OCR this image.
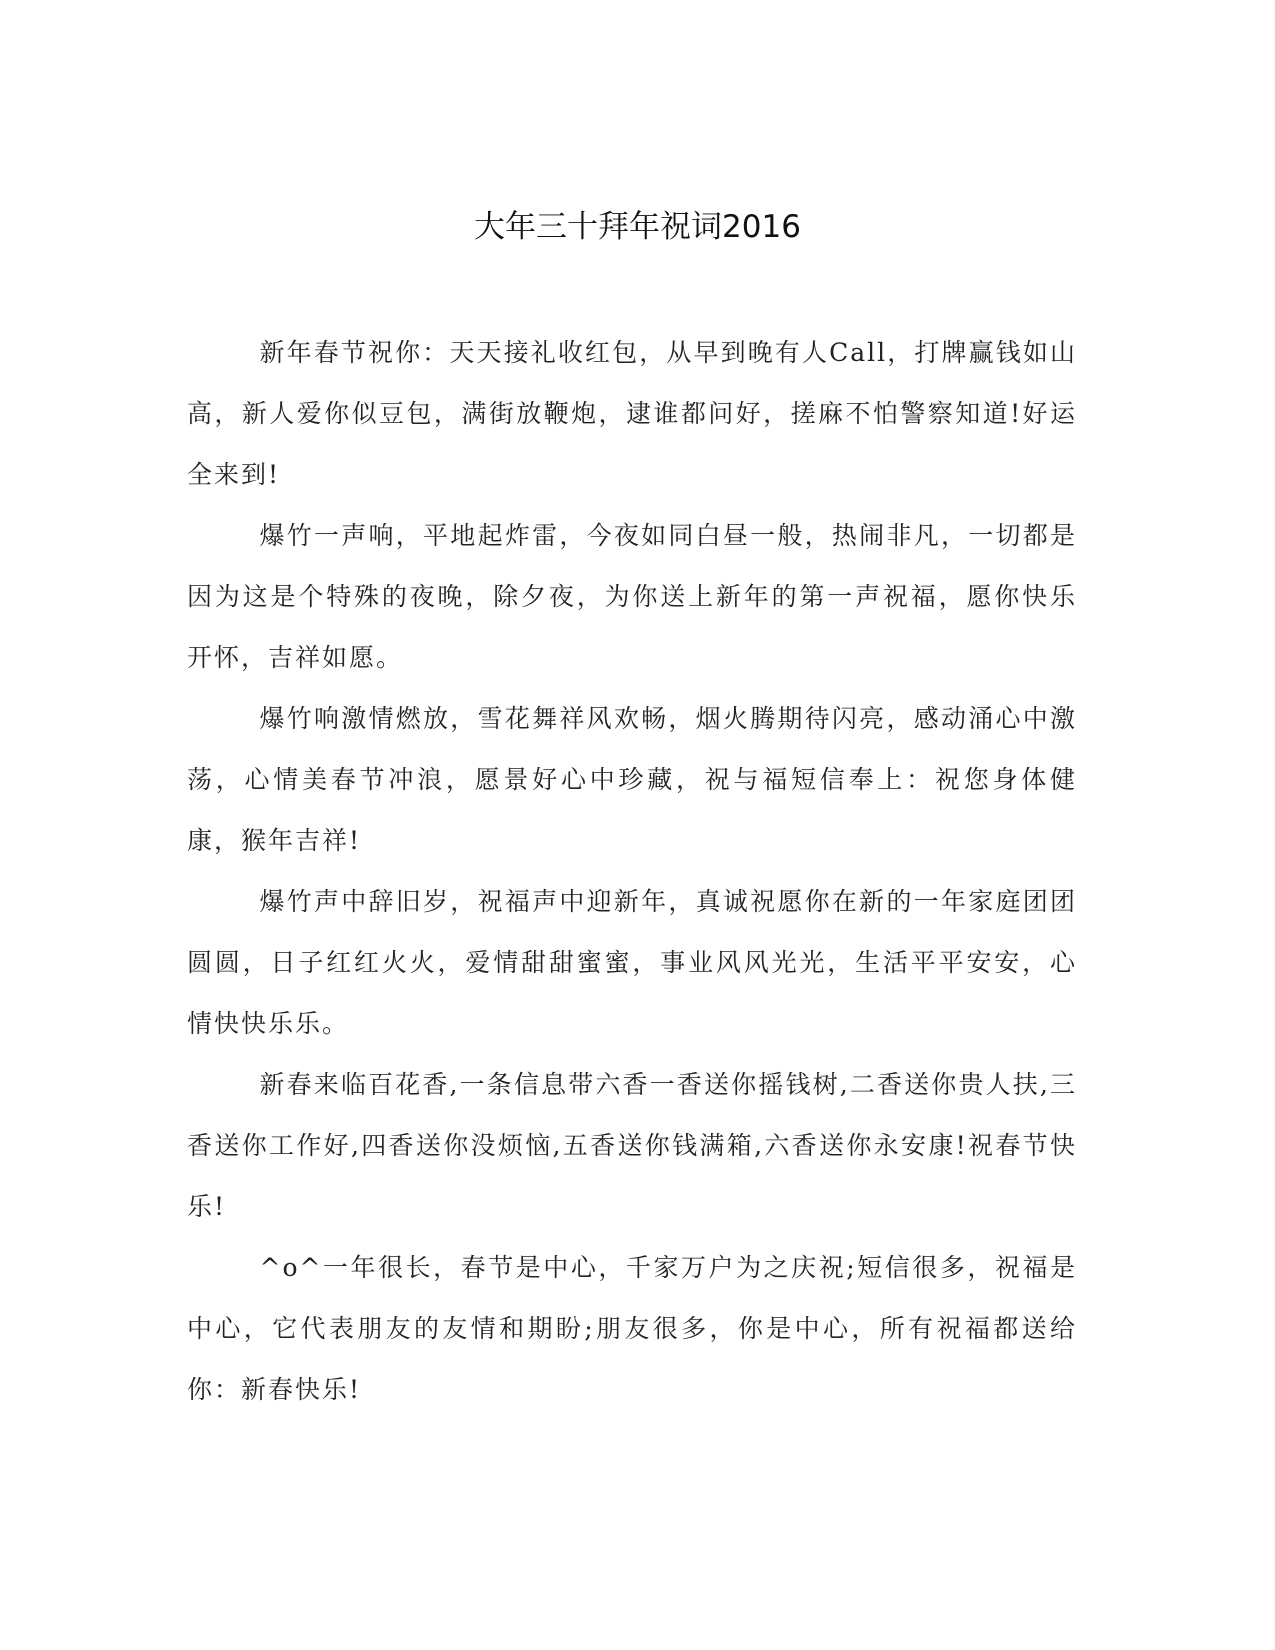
大年三十拜年祝词2016

新年春节祝你：天天接礼收红包，从早到晚有人Call，打牌赢钱如山高，新人爱你似豆包，满街放鞭炮，逮谁都问好，搓麻不怕警察知道!好运全来到!

爆竹一声响，平地起炸雷，今夜如同白昼一般，热闹非凡，一切都是因为这是个特殊的夜晚，除夕夜，为你送上新年的第一声祝福，愿你快乐开怀，吉祥如愿。

爆竹响激情燃放，雪花舞祥风欢畅，烟火腾期待闪亮，感动涌心中激荡，心情美春节冲浪，愿景好心中珍藏，祝与福短信奉上：祝您身体健康，猴年吉祥!

爆竹声中辞旧岁，祝福声中迎新年，真诚祝愿你在新的一年家庭团团圆圆，日子红红火火，爱情甜甜蜜蜜，事业风风光光，生活平平安安，心情快快乐乐。

新春来临百花香,一条信息带六香一香送你摇钱树,二香送你贵人扶,三香送你工作好,四香送你没烦恼,五香送你钱满箱,六香送你永安康!祝春节快乐!

^o^一年很长，春节是中心，千家万户为之庆祝;短信很多，祝福是中心，它代表朋友的友情和期盼;朋友很多，你是中心，所有祝福都送给你：新春快乐!
